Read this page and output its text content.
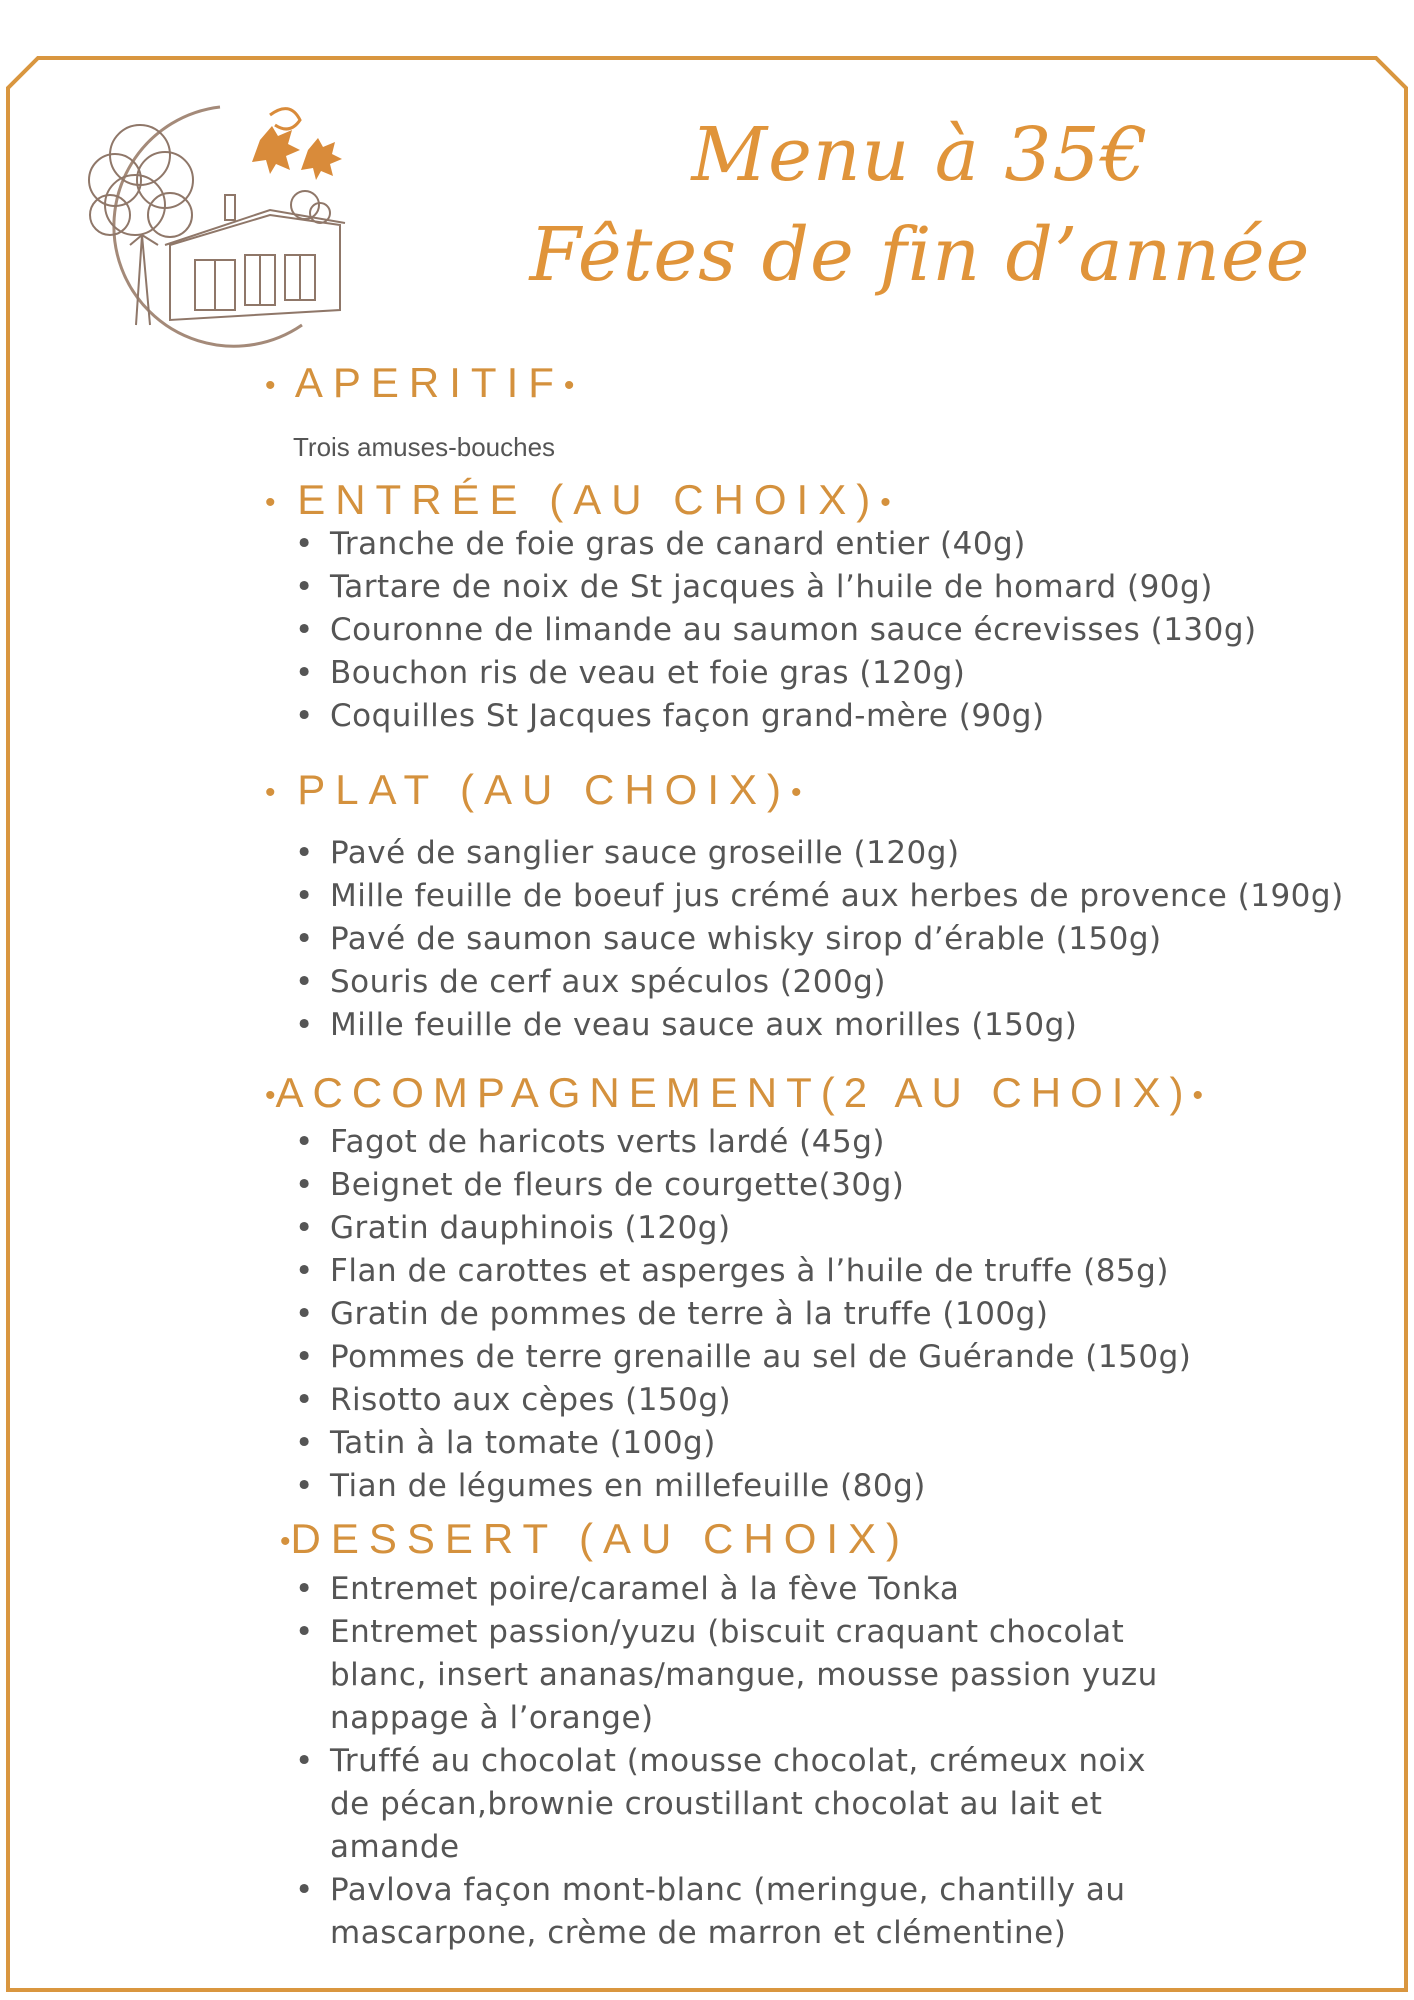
Menu à 35€
Fêtes de fin d’année
• APERITIF•
Trois amuses-bouches
• ENTRÉE (AU CHOIX)•
• Tranche de foie gras de canard entier (40g)
• Tartare de noix de St jacques à l’huile de homard (90g)
• Couronne de limande au saumon sauce écrevisses (130g)
• Bouchon ris de veau et foie gras (120g)
• Coquilles St Jacques façon grand-mère (90g)
• PLAT (AU CHOIX)•
• Pavé de sanglier sauce groseille (120g)
• Mille feuille de boeuf jus crémé aux herbes de provence (190g)
• Pavé de saumon sauce whisky sirop d’érable (150g)
• Souris de cerf aux spéculos (200g)
• Mille feuille de veau sauce aux morilles (150g)
•ACCOMPAGNEMENT(2 AU CHOIX)•
• Fagot de haricots verts lardé (45g)
• Beignet de fleurs de courgette(30g)
• Gratin dauphinois (120g)
• Flan de carottes et asperges à l’huile de truffe (85g)
• Gratin de pommes de terre à la truffe (100g)
• Pommes de terre grenaille au sel de Guérande (150g)
• Risotto aux cèpes (150g)
• Tatin à la tomate (100g)
• Tian de légumes en millefeuille (80g)
•DESSERT (AU CHOIX)
• Entremet poire/caramel à la fève Tonka
• Entremet passion/yuzu (biscuit craquant chocolat blanc, insert ananas/mangue, mousse passion yuzu nappage à l’orange)
• Truffé au chocolat (mousse chocolat, crémeux noix de pécan,brownie croustillant chocolat au lait et amande
• Pavlova façon mont-blanc (meringue, chantilly au mascarpone, crème de marron et clémentine)
